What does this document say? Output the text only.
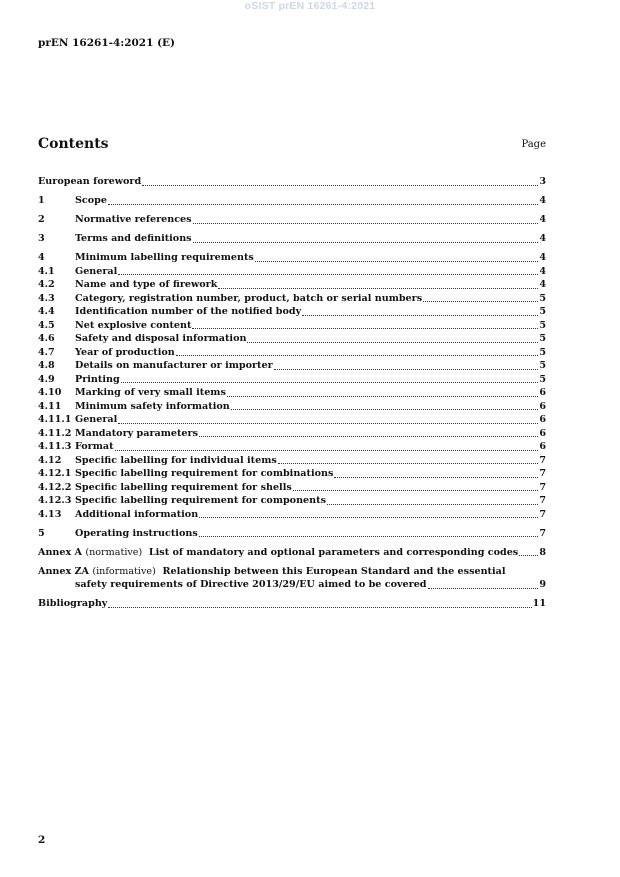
oSIST prEN 16261-4:2021
prEN 16261-4:2021 (E)
Contents	Page
European foreword	3
1	Scope	4
2	Normative references	4
3	Terms and definitions	4
4	Minimum labelling requirements	4
4.1	General	4
4.2	Name and type of firework	4
4.3	Category, registration number, product, batch or serial numbers	5
4.4	Identification number of the notified body	5
4.5	Net explosive content	5
4.6	Safety and disposal information	5
4.7	Year of production	5
4.8	Details on manufacturer or importer	5
4.9	Printing	5
4.10	Marking of very small items	6
4.11	Minimum safety information	6
4.11.1 General	6
4.11.2 Mandatory parameters	6
4.11.3 Format	6
4.12	Specific labelling for individual items	7
4.12.1 Specific labelling requirement for combinations	7
4.12.2 Specific labelling requirement for shells	7
4.12.3 Specific labelling requirement for components	7
4.13	Additional information	7
5	Operating instructions	7
Annex A (normative) List of mandatory and optional parameters and corresponding codes 8
Annex ZA (informative) Relationship between this European Standard and the essential
safety requirements of Directive 2013/29/EU aimed to be covered	9
Bibliography	11
2
